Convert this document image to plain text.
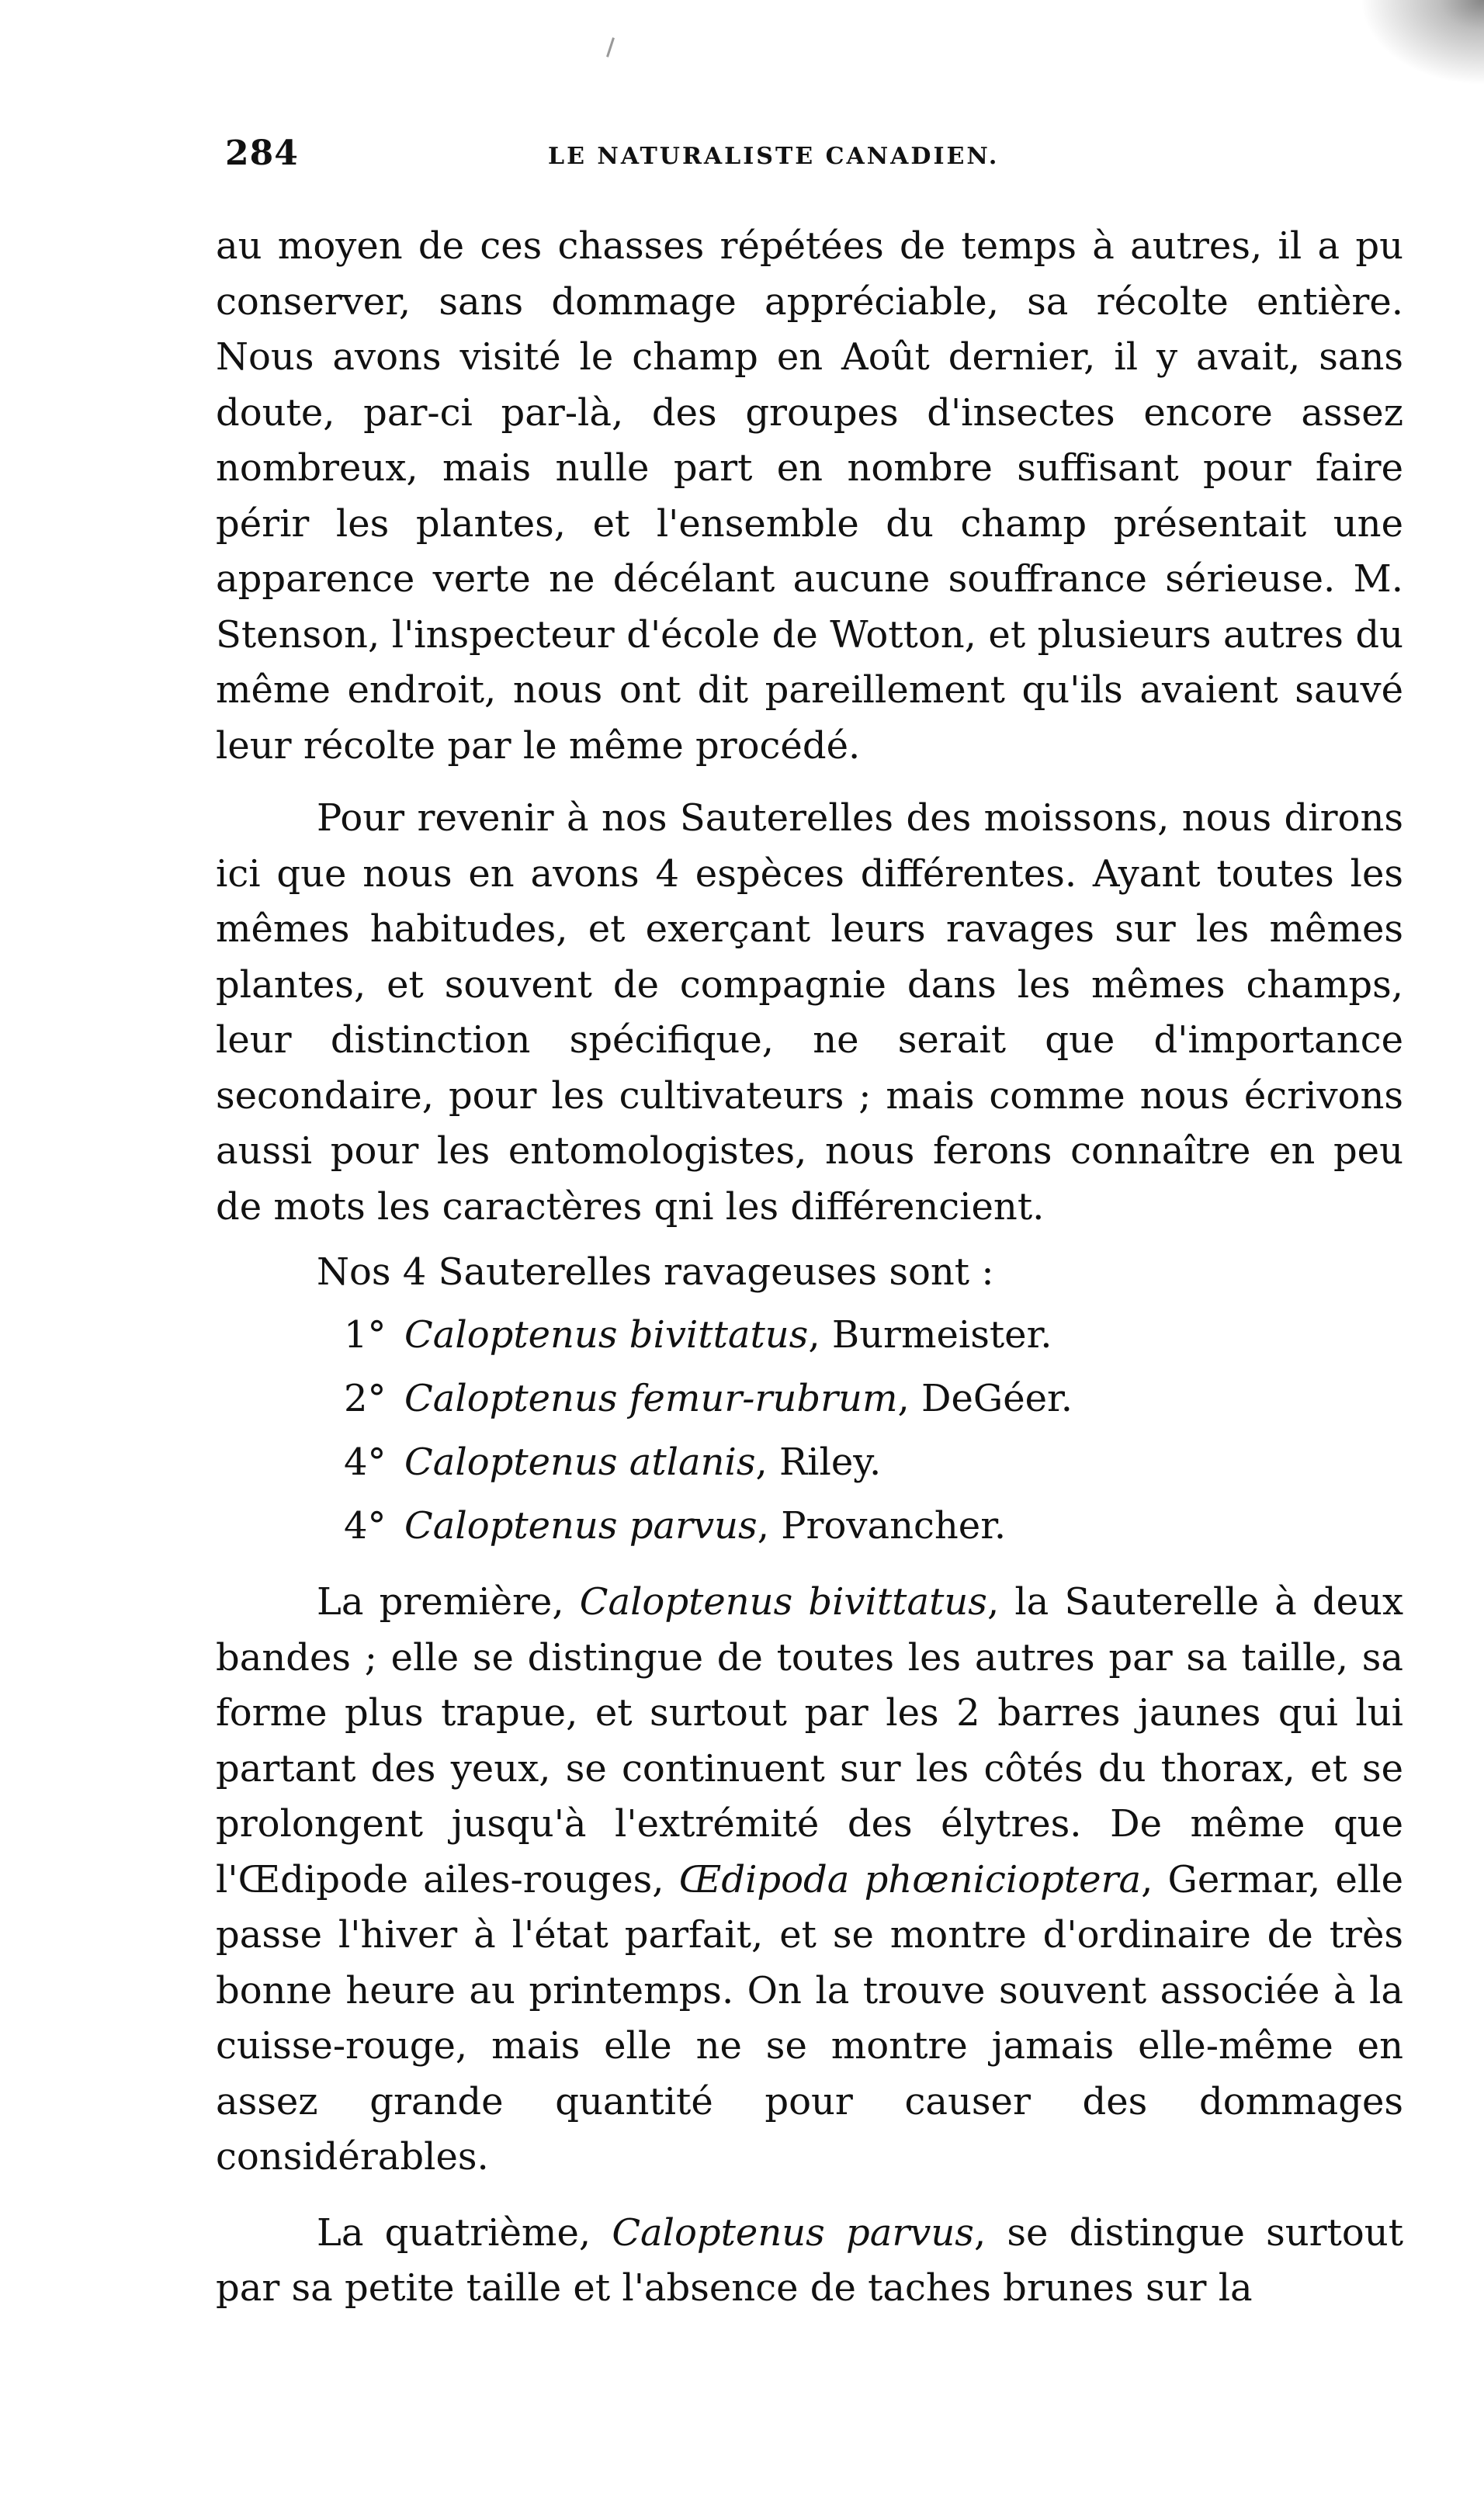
284	LE NATURALISTE CANADIEN.

au moyen de ces chasses répétées de temps à autres, il a pu conserver, sans dommage appréciable, sa récolte entière. Nous avons visité le champ en Août dernier, il y avait, sans doute, par-ci par-là, des groupes d'insectes encore assez nombreux, mais nulle part en nombre suffisant pour faire périr les plantes, et l'ensemble du champ présentait une apparence verte ne décélant aucune souffrance sérieuse. M. Stenson, l'inspecteur d'école de Wotton, et plusieurs autres du même endroit, nous ont dit pareillement qu'ils avaient sauvé leur récolte par le même procédé.

Pour revenir à nos Sauterelles des moissons, nous dirons ici que nous en avons 4 espèces différentes. Ayant toutes les mêmes habitudes, et exerçant leurs ravages sur les mêmes plantes, et souvent de compagnie dans les mêmes champs, leur distinction spécifique, ne serait que d'importance secondaire, pour les cultivateurs ; mais comme nous écrivons aussi pour les entomologistes, nous ferons connaître en peu de mots les caractères qni les différencient.

Nos 4 Sauterelles ravageuses sont :
1° Caloptenus bivittatus, Burmeister.
2° Caloptenus femur-rubrum, DeGéer.
4° Caloptenus atlanis, Riley.
4° Caloptenus parvus, Provancher.

La première, Caloptenus bivittatus, la Sauterelle à deux bandes ; elle se distingue de toutes les autres par sa taille, sa forme plus trapue, et surtout par les 2 barres jaunes qui lui partant des yeux, se continuent sur les côtés du thorax, et se prolongent jusqu'à l'extrémité des élytres. De même que l'Œdipode ailes-rouges, Œdipoda phœnicioptera, Germar, elle passe l'hiver à l'état parfait, et se montre d'ordinaire de très bonne heure au printemps. On la trouve souvent associée à la cuisse-rouge, mais elle ne se montre jamais elle-même en assez grande quantité pour causer des dommages considérables.

La quatrième, Caloptenus parvus, se distingue surtout par sa petite taille et l'absence de taches brunes sur la
